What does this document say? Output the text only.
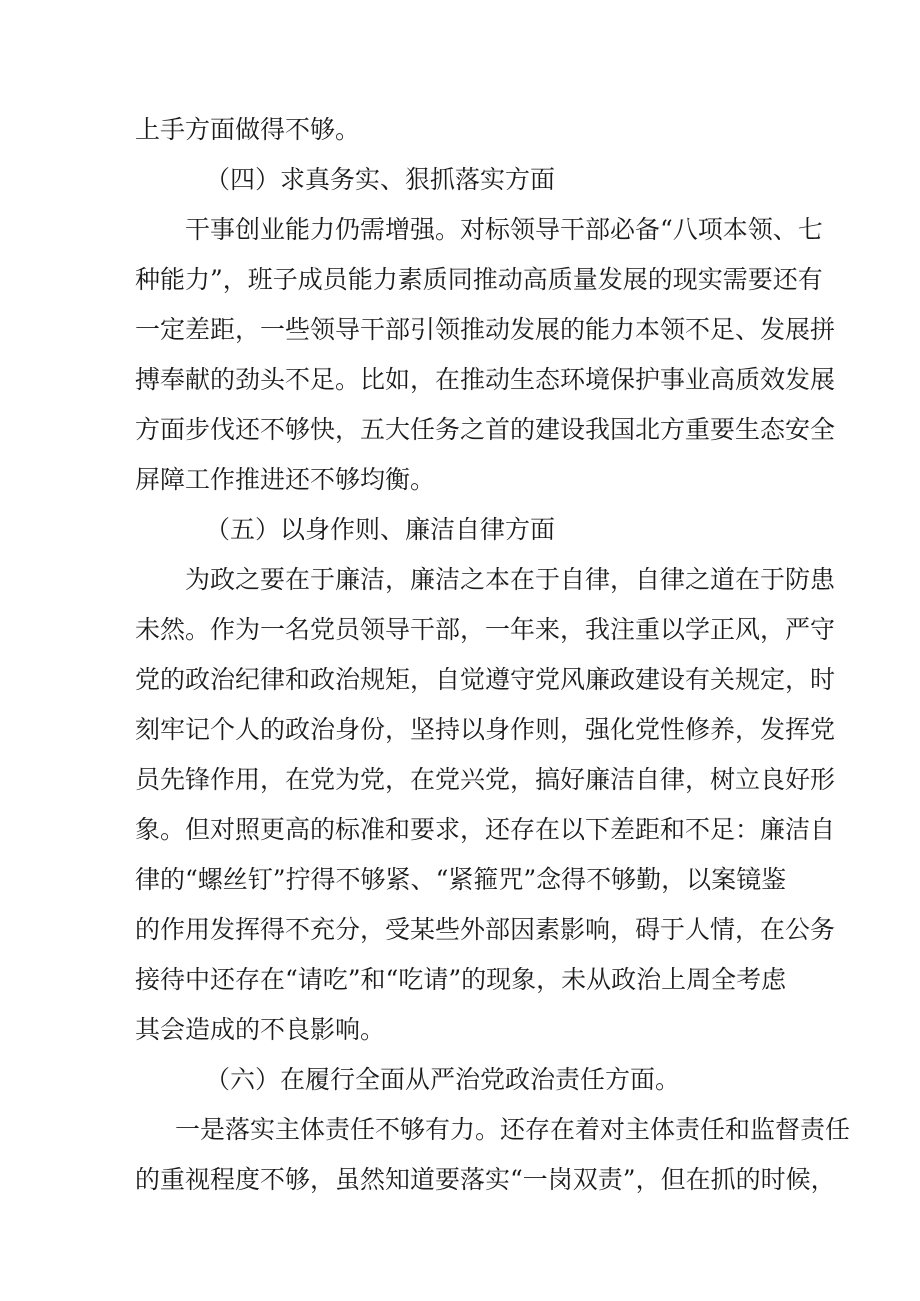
上手方面做得不够。
（四）求真务实、狠抓落实方面
干事创业能力仍需增强。对标领导干部必备“八项本领、七
种能力”，班子成员能力素质同推动高质量发展的现实需要还有
一定差距，一些领导干部引领推动发展的能力本领不足、发展拼
搏奉献的劲头不足。比如，在推动生态环境保护事业高质效发展
方面步伐还不够快，五大任务之首的建设我国北方重要生态安全
屏障工作推进还不够均衡。
（五）以身作则、廉洁自律方面
为政之要在于廉洁，廉洁之本在于自律，自律之道在于防患
未然。作为一名党员领导干部，一年来，我注重以学正风，严守
党的政治纪律和政治规矩，自觉遵守党风廉政建设有关规定，时
刻牢记个人的政治身份，坚持以身作则，强化党性修养，发挥党
员先锋作用，在党为党，在党兴党，搞好廉洁自律，树立良好形
象。但对照更高的标准和要求，还存在以下差距和不足：廉洁自
律的“螺丝钉”拧得不够紧、“紧箍咒”念得不够勤，以案镜鉴
的作用发挥得不充分，受某些外部因素影响，碍于人情，在公务
接待中还存在“请吃”和“吃请”的现象，未从政治上周全考虑
其会造成的不良影响。
（六）在履行全面从严治党政治责任方面。
一是落实主体责任不够有力。还存在着对主体责任和监督责任
的重视程度不够，虽然知道要落实“一岗双责”，但在抓的时候，
